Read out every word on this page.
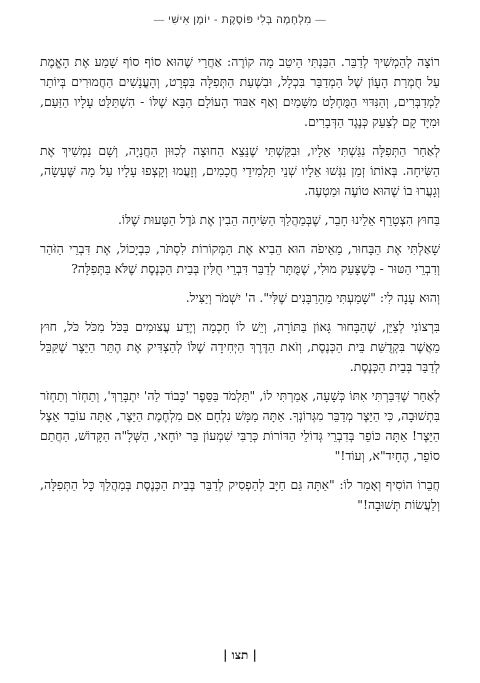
— מִלְחָמָה בְּלִי פּוֹסֶקֶת - יוֹמָן אִישִׁי —

רוֹצָה לְהַמְשִׁיךְ לְדַבֵּר. הִבַּנְתִּי הֵיטֵב מָה קוֹרֶה: אַחֲרֵי שֶׁהוּא סוֹף סוֹף שָׁמַע אֶת הָאֱמֶת עַל חֻמְרַת הָעָוֹן שֶׁל הַמְדַבֵּר בִּכְלָל, וּבִשְׁעַת הַתְּפִלָּה בִּפְרָט, וְהָעֳנָשִׁים הַחֲמוּרִים בְּיוֹתֵר לַמְדַבְּרִים, וְהַנִּדּוּי הַמֻּחְלָט מִשָּׁמַיִם וְאַף אִבּוּד הָעוֹלָם הַבָּא שֶׁלּוֹ - הִשְׁתַּלֵּט עָלָיו הַזַּעַם, וּמִיָּד קָם לְצַעֵק כְּנֶגֶד הַדְּבָרִים.

לְאַחַר הַתְּפִלָּה נִגַּשְׁתִּי אֵלָיו, וּבִקַּשְׁתִּי שֶׁנֵּצֵא הַחוּצָה לְכִוּוּן הַחֲנָיָה, וְשָׁם נַמְשִׁיךְ אֶת הַשִּׂיחָה. בְּאוֹתוֹ זְמַן נִגְּשׁוּ אֵלָיו שְׁנֵי תַּלְמִידֵי חֲכָמִים, וְזָעֲמוּ וְקָצְפוּ עָלָיו עַל מָה שֶּׁעָשָׂה, וְגָעֲרוּ בוֹ שֶׁהוּא טוֹעֶה וּמַטְעֶה.

בַּחוּץ הִצְטָרֵף אֵלֵינוּ חָבֵר, שֶׁבְּמַהֲלַךְ הַשִּׂיחָה הֵבִין אֶת גֹּדֶל הַטָּעוּת שֶׁלּוֹ.

שָׁאַלְתִּי אֶת הַבָּחוּר, מֵאֵיפֹה הוּא הֵבִיא אֶת הַמְּקוֹרוֹת לִסְתֹּר, כִּבְיָכוֹל, אֶת דִּבְרֵי הַזֹּהַר וְדִבְרֵי הַטּוּר - כְּשֶׁצָּעַק מוּלִי, שֶׁמֻּתָּר לְדַבֵּר דִּבְרֵי חֻלִּין בְּבֵית הַכְּנֶסֶת שֶׁלֹּא בַּתְּפִלָּה?

וְהוּא עָנָה לִי: "שָׁמַעְתִּי מֵהָרַבָּנִים שֶׁלִּי". ה' יִשְׁמֹר וְיַצִּיל.

בִּרְצוֹנִי לְצַיֵּן, שֶׁהַבָּחוּר גָּאוֹן בַּתּוֹרָה, וְיֵשׁ לוֹ חָכְמָה וְיֶדַע עֲצוּמִים בַּכֹּל מִכֹּל כֹּל, חוּץ מֵאֲשֶׁר בִּקְדֻשַּׁת בֵּית הַכְּנֶסֶת, וְזֹאת הַדֶּרֶךְ הַיְּחִידָה שֶׁלּוֹ לְהַצְדִּיק אֶת הֶתֵּר הַיֵּצֶר שֶׁקִּבֵּל לְדַבֵּר בְּבֵית הַכְּנֶסֶת.

לְאַחַר שֶׁדִּבַּרְתִּי אִתּוֹ כְּשָׁעָה, אָמַרְתִּי לוֹ, "תַּלְמֹד בַּסֵּפֶר 'כָּבוֹד לַה' יִתְבָּרַךְ', וְתַחְזֹר וְתַחְזֹר בִּתְשׁוּבָה, כִּי הַיֵּצֶר מְדַבֵּר מִגְּרוֹנְךָ. אַתָּה מַמָּשׁ נִלְחָם אִם מִלְחֶמֶת הַיֵּצֶר, אַתָּה עוֹבֵד אֵצֶל הַיֵּצֶר! אַתָּה כּוֹפֵר בְּדִבְרֵי גְּדוֹלֵי הַדּוֹרוֹת כְּרַבִּי שִׁמְעוֹן בַּר יוֹחָאי, הַשְּׁלָ"ה הַקָּדוֹשׁ, הַחֲתַם סוֹפֵר, הֶחָיִד"א, וְעוֹד!"

חֲבֵרוֹ הוֹסִיף וְאָמַר לוֹ: "אַתָּה גַּם חַיָּב לְהַפְסִיק לְדַבֵּר בְּבֵית הַכְּנֶסֶת בְּמַהֲלַךְ כָּל הַתְּפִלָּה, וְלַעֲשׂוֹת תְּשׁוּבָה!"

| תצו |
